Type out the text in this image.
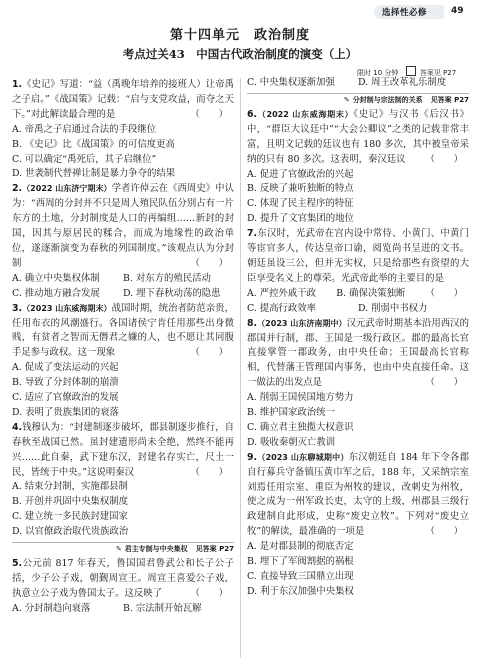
选择性必修	49
第十四单元　政治制度
考点过关43　中国古代政治制度的演变（上）
限时 10 分钟	答案见 P27

1.《史记》写道：“益（禹晚年培养的接班人）让帝禹之子启。”《战国策》记载：“启与支党攻益，而夺之天下。”对此解读最合理的是	（　　）

A. 帝禹之子启通过合法的手段继位

B. 《史记》比《战国策》的可信度更高

C. 可以确定“禹死后，其子启继位”

D. 世袭制代替禅让制是暴力争夺的结果

2.（2022 山东济宁期末）学者许倬云在《西周史》中认为：“西周的分封并不只是周人殖民队伍分别占有一片东方的土地，分封制度是人口的再编组……新封的封国，因其与原居民的糅合，而成为地缘性的政治单位，遂逐渐演变为春秋的列国制度。”该观点认为分封制	（　　）

A. 确立中央集权体制	B. 对东方的殖民活动

C. 推动地方融合发展	D. 埋下春秋动荡的隐患

3.（2023 山东威海期末）战国时期，统治者防范亲贵，任用布衣的风潮盛行。各国诸侯宁肯任用那些出身微贱，有贫者之智而无僭君之嫌的人，也不愿让其同腹手足参与政权。这一现象	（　　）

A. 促成了变法运动的兴起

B. 导致了分封体制的崩溃

C. 适应了官僚政治的发展

D. 表明了贵族集团的衰落

4.钱穆认为：“封建制逐步破坏，郡县制逐步推行，自春秋至战国已然。虽封建遗形尚未全绝，然终不能再兴……此自秦，武下建东汉，封建名存实亡，尺土一民，皆统于中央。”这说明秦汉	（　　）

A. 结束分封制，实施郡县制

B. 开创并巩固中央集权制度

C. 建立统一多民族封建国家

D. 以官僚政治取代贵族政治

✎ 君主专制与中央集权 见答案 P27

5.公元前 817 年春天，鲁国国君鲁武公和长子公子括，少子公子戏，朝觐周宣王。周宣王喜爱公子戏，执意立公子戏为鲁国太子。这反映了	（　　）

A. 分封制趋向衰落	B. 宗法制开始瓦解

C. 中央集权逐渐加强	D. 周王改革礼乐制度

✎ 分封制与宗法制的关系 见答案 P27

6.（2022 山东威海期末）《史记》与汉书《后汉书》中，“群臣大议廷中”“大会公卿议”之类的记载非常丰富，且明文记载的廷议也有 180 多次，其中被皇帝采纳的只有 80 多次。这表明，秦汉廷议 （　　）

A. 促进了官僚政治的兴起

B. 反映了兼听独断的特点

C. 体现了民主程序的特征

D. 提升了文官集团的地位

7.东汉时，光武帝在宫内设中常侍、小黄门、中黄门等宦官多人，传达皇帝口谕，阅览尚书呈进的文书。朝廷虽设三公，但并无实权，只是给那些有资望的大臣享受名义上的尊荣。光武帝此举的主要目的是
（　　）

A. 严控外戚干政	B. 确保决策独断

C. 提高行政效率	D. 削弱中书权力

8.（2023 山东济南期中）汉元武帝时期基本沿用西汉的郡国并行制，郡、王国是一级行政区。郡的最高长官直接掌管一郡政务，由中央任命；王国最高长官称相，代替藩王管理国内事务，也由中央直接任命。这一做法的出发点是	（　　）

A. 削弱王国侯国地方势力

B. 维护国家政治统一

C. 确立君主独揽大权意识

D. 吸收秦朝灭亡教训

9.（2023 山东聊城期中）东汉朝廷自 184 年下令各郡自行募兵守备镇压黄巾军之后，188 年，又采纳宗室刘焉任用宗室、重臣为州牧的建议，改刺史为州牧，使之成为一州军政长吏，太守的上级，州郡县三级行政建制自此形成，史称“废史立牧”。下列对“废史立牧”的解读，最准确的一项是	（　　）

A. 是对郡县制的彻底否定

B. 埋下了军阀割据的祸根

C. 直接导致三国鼎立出现

D. 利于东汉加强中央集权
